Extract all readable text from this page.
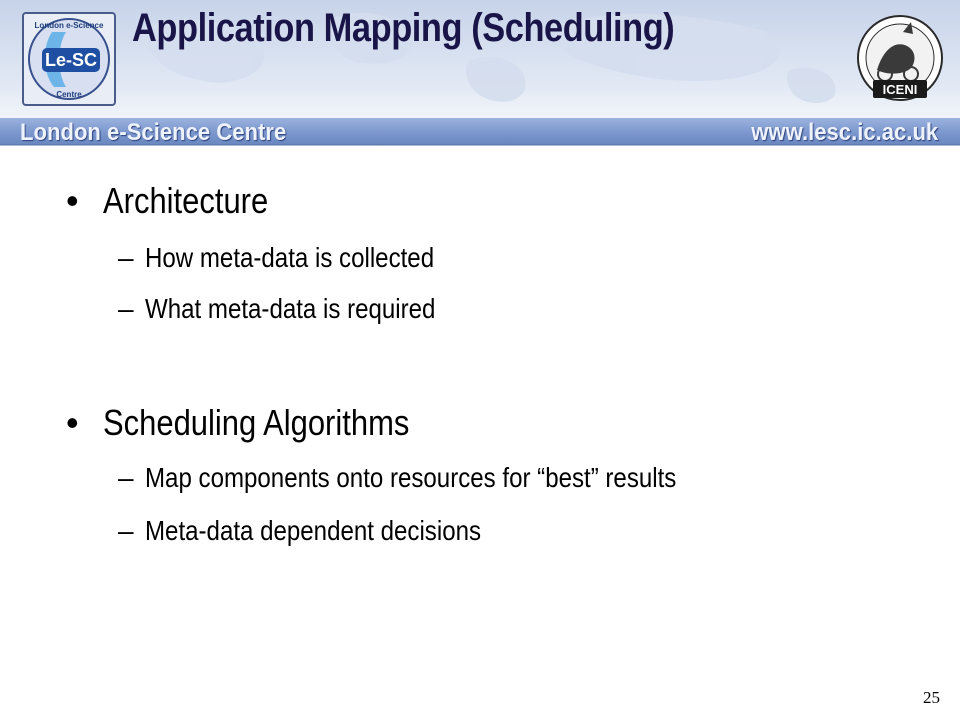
Le-SC
London e-Science
Centre
Application Mapping (Scheduling)
ICENI
London e-Science Centre	www.lesc.ic.ac.uk
• Architecture
– How meta-data is collected
– What meta-data is required
• Scheduling Algorithms
– Map components onto resources for “best” results
– Meta-data dependent decisions
25
